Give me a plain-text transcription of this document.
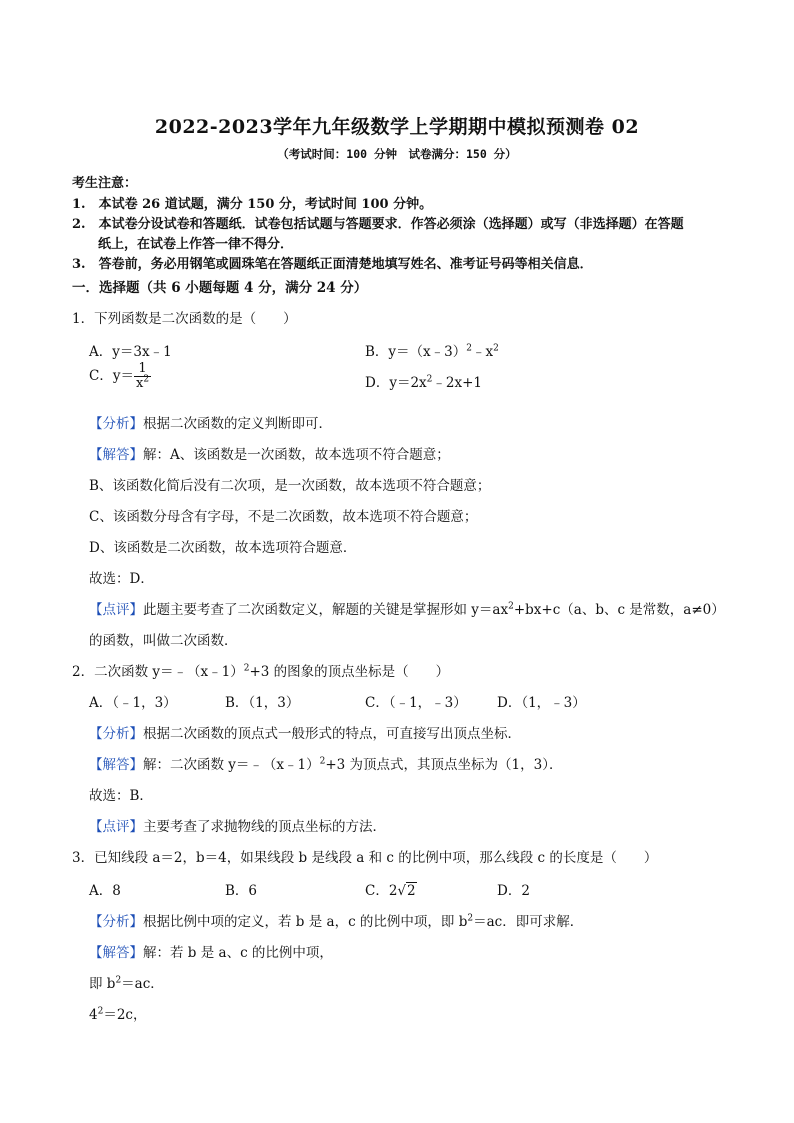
2022-2023学年九年级数学上学期期中模拟预测卷 02
（考试时间：100 分钟　试卷满分：150 分）
考生注意：
1.　本试卷 26 道试题，满分 150 分，考试时间 100 分钟。
2.　本试卷分设试卷和答题纸．试卷包括试题与答题要求．作答必须涂（选择题）或写（非选择题）在答题
　　纸上，在试卷上作答一律不得分．
3.　答卷前，务必用钢笔或圆珠笔在答题纸正面清楚地填写姓名、准考证号码等相关信息．
一．选择题（共 6 小题每题 4 分，满分 24 分）
1．下列函数是二次函数的是（　　）
A．y＝3x﹣1	B．$y=(x﹣3)^2﹣x^2$
C．$y= \frac{1}{x^2}$	D．$y=2x^2﹣2x+1$
【分析】根据二次函数的定义判断即可．
【解答】解：A、该函数是一次函数，故本选项不符合题意；
B、该函数化简后没有二次项，是一次函数，故本选项不符合题意；
C、该函数分母含有字母，不是二次函数，故本选项不符合题意；
D、该函数是二次函数，故本选项符合题意．
故选：D．
【点评】此题主要考查了二次函数定义，解题的关键是掌握形如 $y=ax^2+bx+c(a$、b、c 是常数，a≠0）
的函数，叫做二次函数．
2．二次函数 y＝﹣（x﹣1）$^2$+3 的图象的顶点坐标是（　　）
A．（﹣1，3）	B．（1，3）	C．（﹣1，﹣3） D．（1，﹣3）
【分析】根据二次函数的顶点式一般形式的特点，可直接写出顶点坐标．
【解答】解：二次函数 y＝﹣（x﹣1）$^2$+3 为顶点式，其顶点坐标为（1，3）．
故选：B．
【点评】主要考查了求抛物线的顶点坐标的方法．
3．已知线段 a＝2，b＝4，如果线段 b 是线段 a 和 c 的比例中项，那么线段 c 的长度是（　　）
A．8	B．6	C．2√2	D．2
【分析】根据比例中项的定义，若 b 是 a，c 的比例中项，即 $b^2=ac$．即可求解．
【解答】解：若 b 是 a、c 的比例中项，
即 $b^2=ac$．
$4^2=2c$，
